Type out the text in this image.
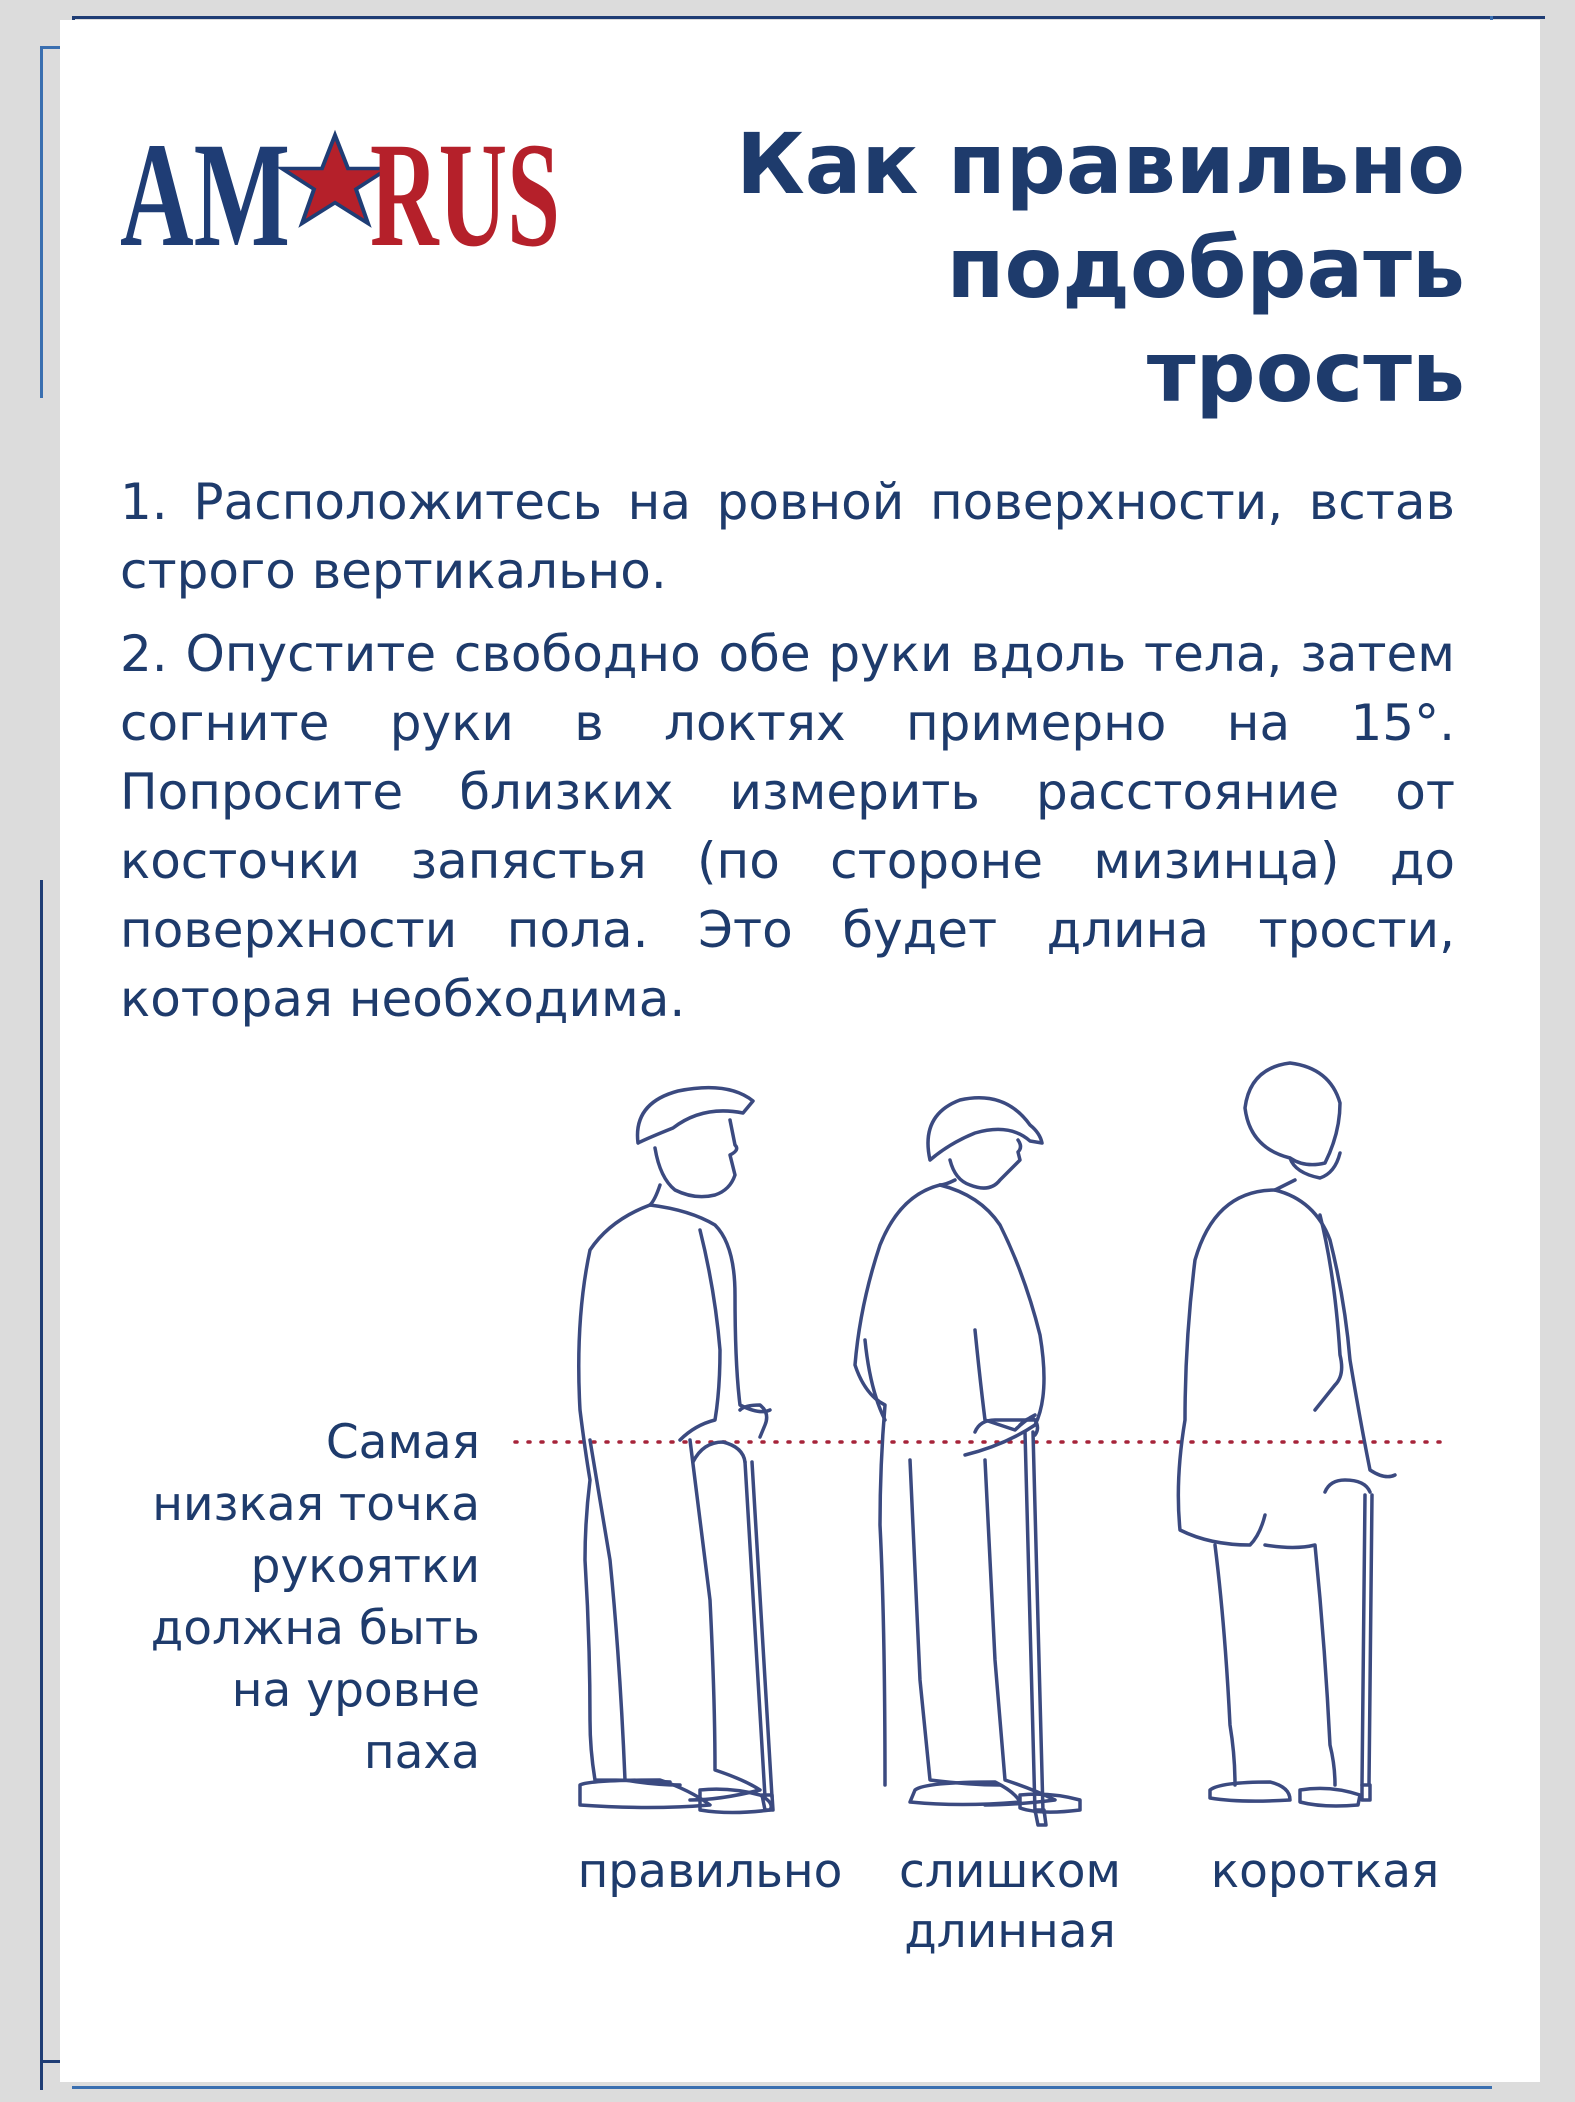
AM RUS	Как правильно
подобрать
трость

1. Расположитесь на ровной поверхности, встав строго вертикально.

2. Опустите свободно обе руки вдоль тела, затем согните руки в локтях примерно на 15°. Попросите близких измерить расстояние от косточки запястья (по стороне мизинца) до поверхности пола. Это будет длина трости, которая необходима.

Самая
низкая точка
рукоятки
должна быть
на уровне
паха
правильно	слишком
длинная
короткая
